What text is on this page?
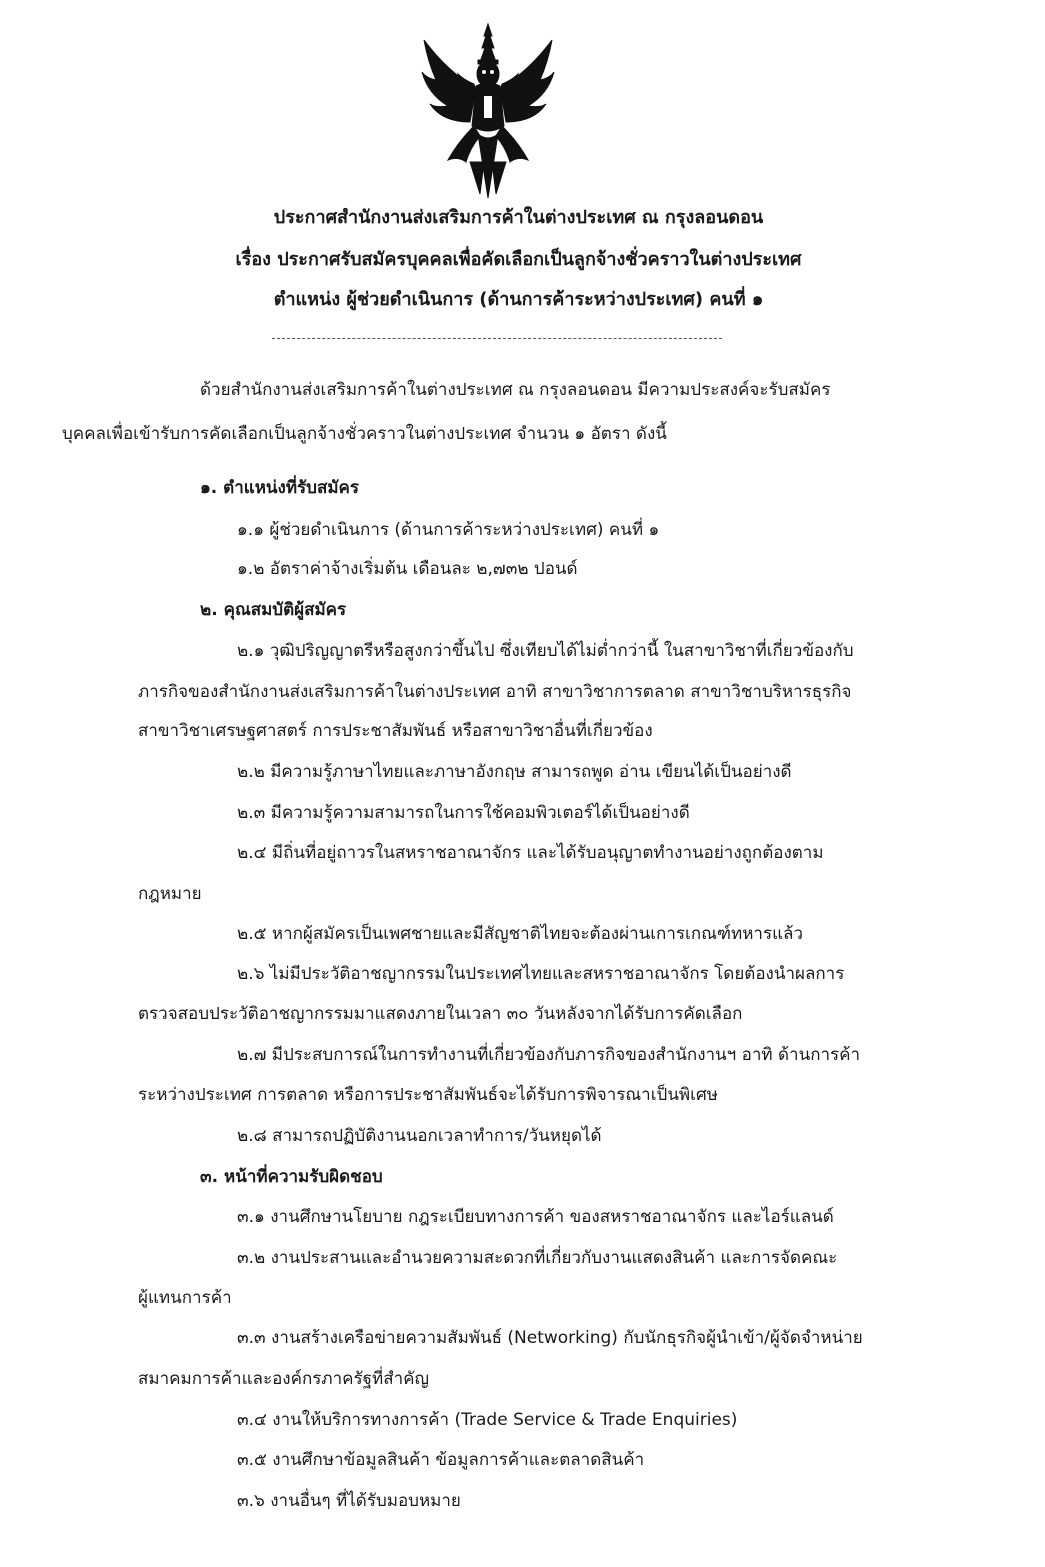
ประกาศสำนักงานส่งเสริมการค้าในต่างประเทศ ณ กรุงลอนดอน
เรื่อง ประกาศรับสมัครบุคคลเพื่อคัดเลือกเป็นลูกจ้างชั่วคราวในต่างประเทศ
ตำแหน่ง ผู้ช่วยดำเนินการ (ด้านการค้าระหว่างประเทศ) คนที่ ๑
ด้วยสำนักงานส่งเสริมการค้าในต่างประเทศ ณ กรุงลอนดอน มีความประสงค์จะรับสมัคร
บุคคลเพื่อเข้ารับการคัดเลือกเป็นลูกจ้างชั่วคราวในต่างประเทศ จำนวน ๑ อัตรา ดังนี้
๑. ตำแหน่งที่รับสมัคร
๑.๑ ผู้ช่วยดำเนินการ (ด้านการค้าระหว่างประเทศ) คนที่ ๑
๑.๒ อัตราค่าจ้างเริ่มต้น เดือนละ ๒,๗๓๒ ปอนด์
๒. คุณสมบัติผู้สมัคร
๒.๑ วุฒิปริญญาตรีหรือสูงกว่าขึ้นไป ซึ่งเทียบได้ไม่ต่ำกว่านี้ ในสาขาวิชาที่เกี่ยวข้องกับ
ภารกิจของสำนักงานส่งเสริมการค้าในต่างประเทศ อาทิ สาขาวิชาการตลาด สาขาวิชาบริหารธุรกิจ
สาขาวิชาเศรษฐศาสตร์ การประชาสัมพันธ์ หรือสาขาวิชาอื่นที่เกี่ยวข้อง
๒.๒ มีความรู้ภาษาไทยและภาษาอังกฤษ สามารถพูด อ่าน เขียนได้เป็นอย่างดี
๒.๓ มีความรู้ความสามารถในการใช้คอมพิวเตอร์ได้เป็นอย่างดี
๒.๔ มีถิ่นที่อยู่ถาวรในสหราชอาณาจักร และได้รับอนุญาตทำงานอย่างถูกต้องตาม
กฎหมาย
๒.๕ หากผู้สมัครเป็นเพศชายและมีสัญชาติไทยจะต้องผ่านเการเกณฑ์ทหารแล้ว
๒.๖ ไม่มีประวัติอาชญากรรมในประเทศไทยและสหราชอาณาจักร โดยต้องนำผลการ
ตรวจสอบประวัติอาชญากรรมมาแสดงภายในเวลา ๓๐ วันหลังจากได้รับการคัดเลือก
๒.๗ มีประสบการณ์ในการทำงานที่เกี่ยวข้องกับภารกิจของสำนักงานฯ อาทิ ด้านการค้า
ระหว่างประเทศ การตลาด หรือการประชาสัมพันธ์จะได้รับการพิจารณาเป็นพิเศษ
๒.๘ สามารถปฏิบัติงานนอกเวลาทำการ/วันหยุดได้
๓. หน้าที่ความรับผิดชอบ
๓.๑ งานศึกษานโยบาย กฎระเบียบทางการค้า ของสหราชอาณาจักร และไอร์แลนด์
๓.๒ งานประสานและอำนวยความสะดวกที่เกี่ยวกับงานแสดงสินค้า และการจัดคณะ
ผู้แทนการค้า
๓.๓ งานสร้างเครือข่ายความสัมพันธ์ (Networking) กับนักธุรกิจผู้นำเข้า/ผู้จัดจำหน่าย
สมาคมการค้าและองค์กรภาครัฐที่สำคัญ
๓.๔ งานให้บริการทางการค้า (Trade Service & Trade Enquiries)
๓.๕ งานศึกษาข้อมูลสินค้า ข้อมูลการค้าและตลาดสินค้า
๓.๖ งานอื่นๆ ที่ได้รับมอบหมาย
